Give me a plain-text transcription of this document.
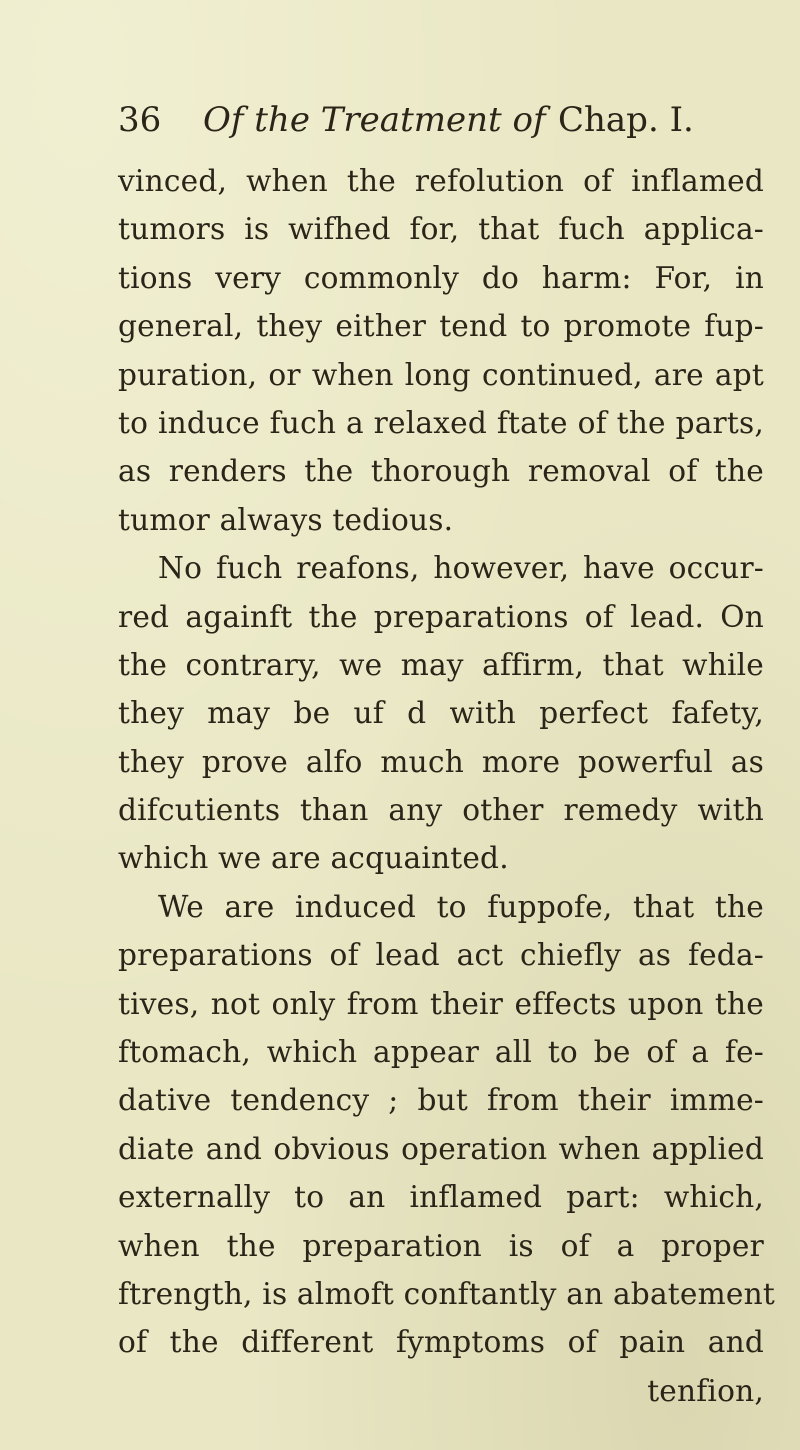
36 Of the Treatment of Chap. I.
vinced, when the refolution of inflamed
tumors is wifhed for, that fuch applica-
tions very commonly do harm: For, in
general, they either tend to promote fup-
puration, or when long continued, are apt
to induce fuch a relaxed ftate of the parts,
as renders the thorough removal of the
tumor always tedious.
No fuch reafons, however, have occur-
red againft the preparations of lead. On
the contrary, we may affirm, that while
they may be uf d with perfect fafety,
they prove alfo much more powerful as
difcutients than any other remedy with
which we are acquainted.
We are induced to fuppofe, that the
preparations of lead act chiefly as feda-
tives, not only from their effects upon the
ftomach, which appear all to be of a fe-
dative tendency ; but from their imme-
diate and obvious operation when applied
externally to an inflamed part: which,
when the preparation is of a proper
ftrength, is almoft conftantly an abatement
of the different fymptoms of pain and
tenfion,
